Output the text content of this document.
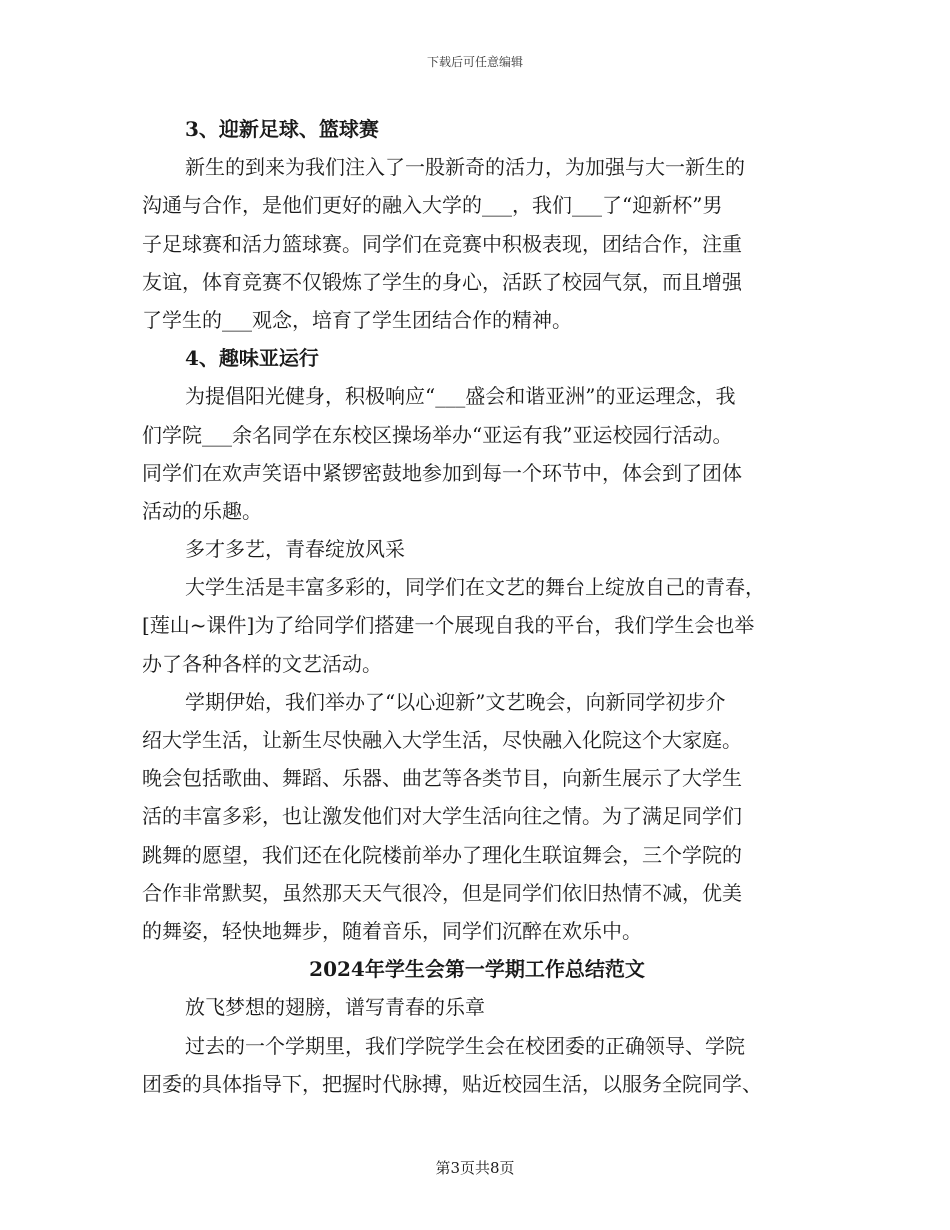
下载后可任意编辑
3、迎新足球、篮球赛
新生的到来为我们注入了一股新奇的活力，为加强与大一新生的
沟通与合作，是他们更好的融入大学的___，我们___了“迎新杯”男
子足球赛和活力篮球赛。同学们在竞赛中积极表现，团结合作，注重
友谊，体育竞赛不仅锻炼了学生的身心，活跃了校园气氛，而且增强
了学生的___观念，培育了学生团结合作的精神。
4、趣味亚运行
为提倡阳光健身，积极响应“___盛会和谐亚洲”的亚运理念，我
们学院___余名同学在东校区操场举办“亚运有我”亚运校园行活动。
同学们在欢声笑语中紧锣密鼓地参加到每一个环节中，体会到了团体
活动的乐趣。
多才多艺，青春绽放风采
大学生活是丰富多彩的，同学们在文艺的舞台上绽放自己的青春，
[莲山~课件]为了给同学们搭建一个展现自我的平台，我们学生会也举
办了各种各样的文艺活动。
学期伊始，我们举办了“以心迎新”文艺晚会，向新同学初步介
绍大学生活，让新生尽快融入大学生活，尽快融入化院这个大家庭。
晚会包括歌曲、舞蹈、乐器、曲艺等各类节目，向新生展示了大学生
活的丰富多彩，也让激发他们对大学生活向往之情。为了满足同学们
跳舞的愿望，我们还在化院楼前举办了理化生联谊舞会，三个学院的
合作非常默契，虽然那天天气很冷，但是同学们依旧热情不减，优美
的舞姿，轻快地舞步，随着音乐，同学们沉醉在欢乐中。
2024年学生会第一学期工作总结范文
放飞梦想的翅膀，谱写青春的乐章
过去的一个学期里，我们学院学生会在校团委的正确领导、学院
团委的具体指导下，把握时代脉搏，贴近校园生活，以服务全院同学、
第3页共8页
